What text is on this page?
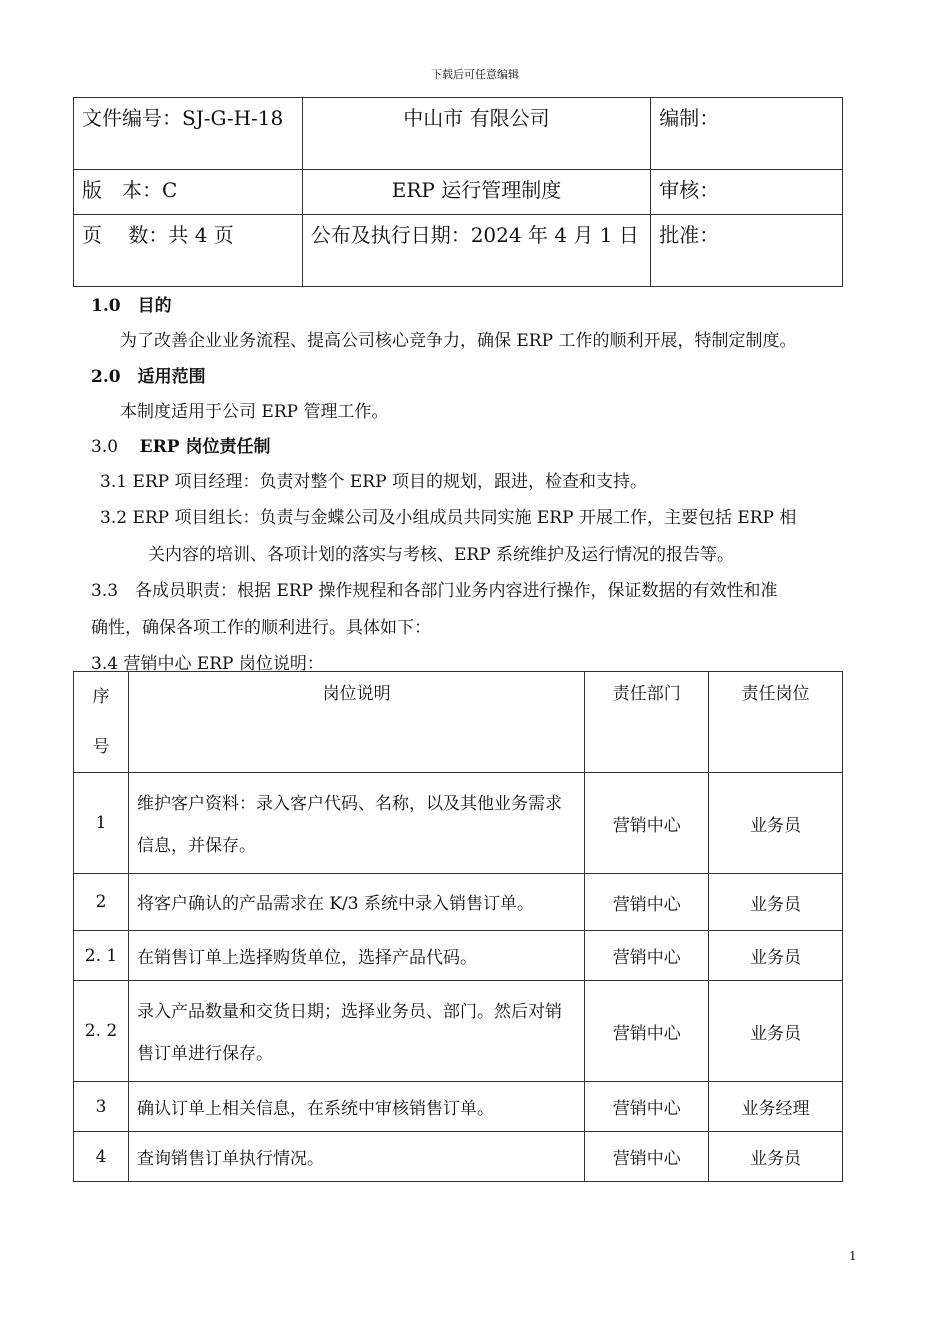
下载后可任意编辑
文件编号：SJ-G-H-18	中山市 有限公司	编制：
版　本：C	ERP 运行管理制度	审核：
页　 数：共 4 页	公布及执行日期：2024 年 4 月 1 日	批准：
1.0　目的
为了改善企业业务流程、提高公司核心竞争力，确保 ERP 工作的顺利开展，特制定制度。
2.0　适用范围
本制度适用于公司 ERP 管理工作。
3.0 ERP 岗位责任制
3.1 ERP 项目经理：负责对整个 ERP 项目的规划，跟进，检查和支持。
3.2 ERP 项目组长：负责与金蝶公司及小组成员共同实施 ERP 开展工作，主要包括 ERP 相
关内容的培训、各项计划的落实与考核、ERP 系统维护及运行情况的报告等。
3.3　各成员职责：根据 ERP 操作规程和各部门业务内容进行操作，保证数据的有效性和准
确性，确保各项工作的顺利进行。具体如下：
3.4 营销中心 ERP 岗位说明：
序
号	岗位说明	责任部门	责任岗位
1	维护客户资料：录入客户代码、名称，以及其他业务需求信息，并保存。	营销中心	业务员
2	将客户确认的产品需求在 K/3 系统中录入销售订单。	营销中心	业务员
2. 1	在销售订单上选择购货单位，选择产品代码。	营销中心	业务员
2. 2	录入产品数量和交货日期；选择业务员、部门。然后对销售订单进行保存。	营销中心	业务员
3	确认订单上相关信息，在系统中审核销售订单。	营销中心	业务经理
4	查询销售订单执行情况。	营销中心	业务员
1
